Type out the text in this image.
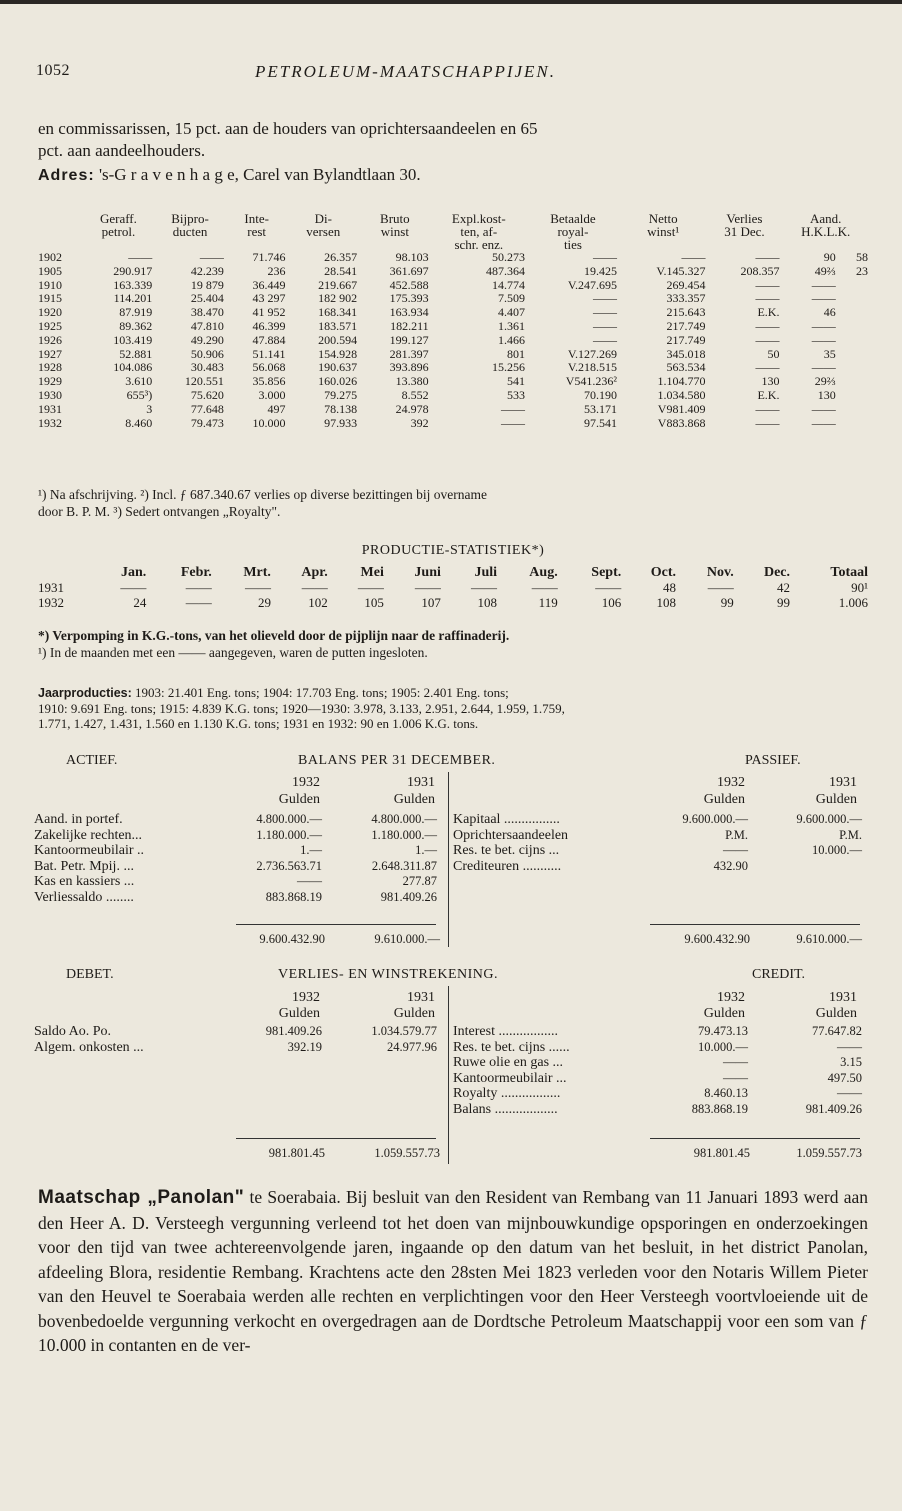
1052	PETROLEUM-MAATSCHAPPIJEN.
en commissarissen, 15 pct. aan de houders van oprichtersaandeelen en 65
pct. aan aandeelhouders.
Adres: 's-G r a v e n h a g e, Carel van Bylandtlaan 30.
	Geraff.	Bijpro-	Inte-	Di-	Bruto	Expl.kost-	Betaalde	Netto	Verlies	Aand.	
	petrol.	ducten	rest	versen	winst	ten, af-	royal-	winst¹	31 Dec.	H.K.L.K.	
						schr. enz.	ties				
1902	——	——	71.746	26.357	98.103	50.273	——	——	——	90	58
1905	290.917	42.239	236	28.541	361.697	487.364	19.425	V.145.327	208.357	49⅔	23
1910	163.339	19 879	36.449	219.667	452.588	14.774	V.247.695	269.454	——	——	
1915	114.201	25.404	43 297	182 902	175.393	7.509	——	333.357	——	——	
1920	87.919	38.470	41 952	168.341	163.934	4.407	——	215.643	E.K.	46	
1925	89.362	47.810	46.399	183.571	182.211	1.361	——	217.749	——	——	
1926	103.419	49.290	47.884	200.594	199.127	1.466	——	217.749	——	——	
1927	52.881	50.906	51.141	154.928	281.397	801	V.127.269	345.018	50	35	
1928	104.086	30.483	56.068	190.637	393.896	15.256	V.218.515	563.534	——	——	
1929	3.610	120.551	35.856	160.026	13.380	541	V541.236²	1.104.770	130	29⅔	
1930	655³)	75.620	3.000	79.275	8.552	533	70.190	1.034.580	E.K.	130	
1931	3	77.648	497	78.138	24.978	——	53.171	V981.409	——	——	
1932	8.460	79.473	10.000	97.933	392	——	97.541	V883.868	——	——	
¹) Na afschrijving. ²) Incl. ƒ 687.340.67 verlies op diverse bezittingen bij overname
door B. P. M. ³) Sedert ontvangen „Royalty".
PRODUCTIE-STATISTIEK*)
	Jan.	Febr.	Mrt.	Apr.	Mei	Juni	Juli	Aug.	Sept.	Oct.	Nov.	Dec.	Totaal
1931	——	——	——	——	——	——	——	——	——	48	——	42	90¹
1932	24	——	29	102	105	107	108	119	106	108	99	99	1.006
*) Verpomping in K.G.-tons, van het olieveld door de pijplijn naar de raffinaderij.
¹) In de maanden met een —— aangegeven, waren de putten ingesloten.
Jaarproducties: 1903: 21.401 Eng. tons; 1904: 17.703 Eng. tons; 1905: 2.401 Eng. tons;
1910: 9.691 Eng. tons; 1915: 4.839 K.G. tons; 1920—1930: 3.978, 3.133, 2.951, 2.644, 1.959, 1.759,
1.771, 1.427, 1.431, 1.560 en 1.130 K.G. tons; 1931 en 1932: 90 en 1.006 K.G. tons.
ACTIEF.	BALANS PER 31 DECEMBER.	PASSIEF.
1932	1931	1932	1931
Gulden	Gulden	Gulden	Gulden
Aand. in portef.	4.800.000.—	4.800.000.—
Zakelijke rechten...	1.180.000.—	1.180.000.—
Kantoormeubilair ..	1.—	1.—
Bat. Petr. Mpij. ...	2.736.563.71	2.648.311.87
Kas en kassiers ...	——	277.87
Verliessaldo ........	883.868.19	981.409.26
Kapitaal ................	9.600.000.—	9.600.000.—
Oprichtersaandeelen	P.M.	P.M.
Res. te bet. cijns ...	——	10.000.—
Crediteuren ...........	432.90
9.600.432.90	9.610.000.—	9.600.432.90	9.610.000.—
DEBET.	VERLIES- EN WINSTREKENING.	CREDIT.
1932	1931	1932	1931
Gulden	Gulden	Gulden	Gulden
Saldo Ao. Po.	981.409.26	1.034.579.77
Algem. onkosten ...	392.19	24.977.96
Interest .................	79.473.13	77.647.82
Res. te bet. cijns ......	10.000.—	——
Ruwe olie en gas ...	——	3.15
Kantoormeubilair ...	——	497.50
Royalty .................	8.460.13	——
Balans ..................	883.868.19	981.409.26
981.801.45	1.059.557.73	981.801.45	1.059.557.73
Maatschap „Panolan" te Soerabaia. Bij besluit van den Resident van Rembang van 11 Januari 1893 werd aan den Heer A. D. Versteegh vergunning verleend tot het doen van mijnbouwkundige opsporingen en onderzoekingen voor den tijd van twee achtereenvolgende jaren, ingaande op den datum van het besluit, in het district Panolan, afdeeling Blora, residentie Rembang. Krachtens acte den 28sten Mei 1823 verleden voor den Notaris Willem Pieter van den Heuvel te Soerabaia werden alle rechten en verplichtingen voor den Heer Versteegh voortvloeiende uit de bovenbedoelde vergunning verkocht en overgedragen aan de Dordtsche Petroleum Maatschappij voor een som van ƒ 10.000 in contanten en de ver-
